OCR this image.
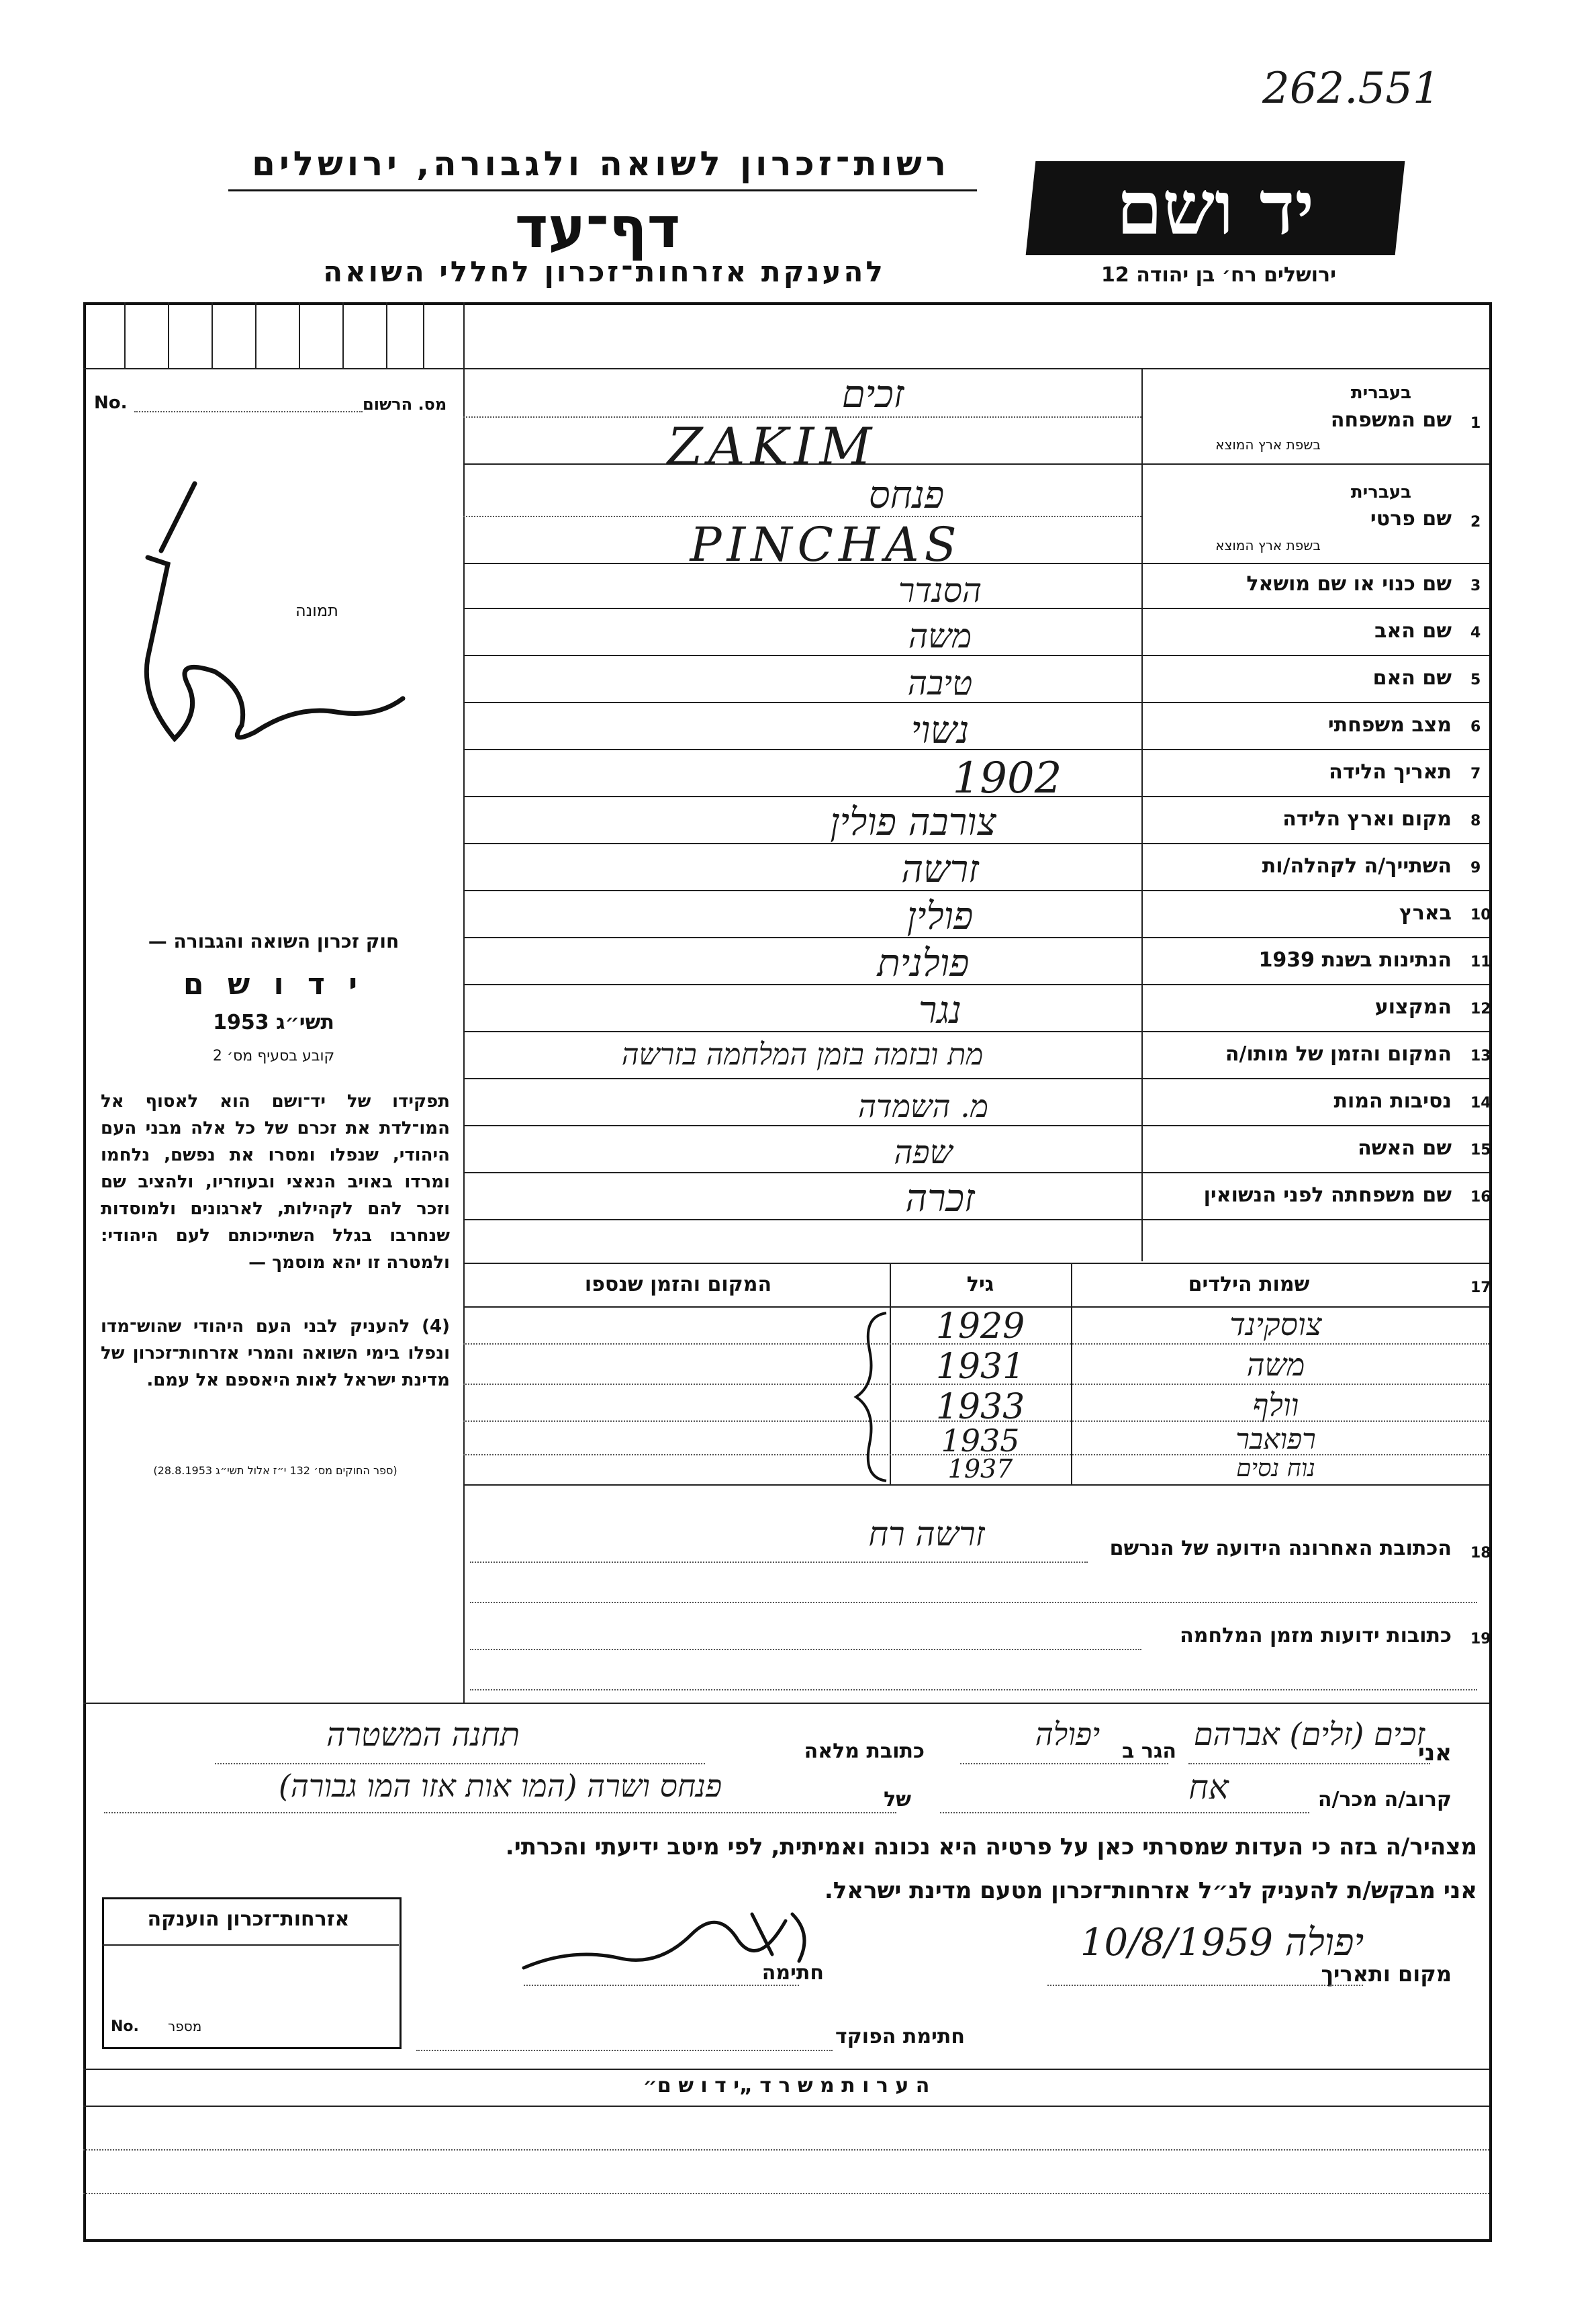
262.551
רשות־זכרון לשואה ולגבורה, ירושלים
דף־עד
להענקת אזרחות־זכרון לחללי השואה
יד ושם
ירושלים רח׳ בן יהודה 12
No.	מס. הרשום
תמונה
חוק זכרון השואה והגבורה —
י ד ו ש ם
תשי״ג 1953
קובע בסעיף מס׳ 2
תפקידו של יד־ושם הוא לאסוף אל המו־לדת את זכרם של כל אלה מבני העם היהודי, שנפלו ומסרו את נפשם, נלחמו ומרדו באויב הנאצי ובעוזריו, ולהציב שם וזכר להם לקהילות, לארגונים ולמוסדות שנחרבו בגלל השתייכותם לעם היהודי: ולמטרה זו יהא מוסמך —
(4) להעניק לבני העם היהודי שהוש־מדו ונפלו בימי השואה והמרי אזרחות־זכרון של מדינת ישראל לאות היאספם אל עמם.
(ספר החוקים מס׳ 132 י״ז אלול תשי״ג 28.8.1953)
1
שם המשפחה
בעברית
בשפת ארץ המוצא
זכים
ZAKIM
2
שם פרטי
בעברית
בשפת ארץ המוצא
פנחס
PINCHAS
3
שם כנוי או שם מושאל
הסנדר
4
שם האב
משה
5
שם האם
טיבה
6
מצב משפחתי
נשוי
7
תאריך הלידה
1902
8
מקום וארץ הלידה
צורבה פולין
9
השתייך/ה לקהלה/ות
זרשה
10
בארץ
פולין
11
הנתינות בשנת 1939
פולנית
12
המקצוע
נגר
13
המקום והזמן של מותו/ה
מת ובזמה בזמן המלחמה בזרשה
14
נסיבות המות
מ. השמדה
15
שם האשה
שפה
16
שם משפחתה לפני הנשואין
זכרה
17
שמות הילדים
גיל
המקום והזמן שנספו
צוסקינד
1929
משה
1931
וולף
1933
רפואבר
1935
נוח נסים
1937
18
הכתובת האחרונה הידועה של הנרשם
זרשה רח
19
כתובות ידועות מזמן המלחמה
אני
זכים (זלים) אברהם
הגר ב
יפולה
כתובת מלאה
תחנה המשטרה
קרוב/ה מכר/ה
אח
של
פנחס ושרה (המו אות אזו המו גבורה)
מצהיר/ה בזה כי העדות שמסרתי כאן על פרטיה היא נכונה ואמיתית, לפי מיטב ידיעתי והכרתי.
אני מבקש/ת להעניק לנ״ל אזרחות־זכרון מטעם מדינת ישראל.
מקום ותאריך
יפולה 10/8/1959
חתימה
חתימת הפוקד
אזרחות־זכרון הוענקה
No. מספר
ה ע ר ו ת מ ש ר ד „י ד ו ש ם״
